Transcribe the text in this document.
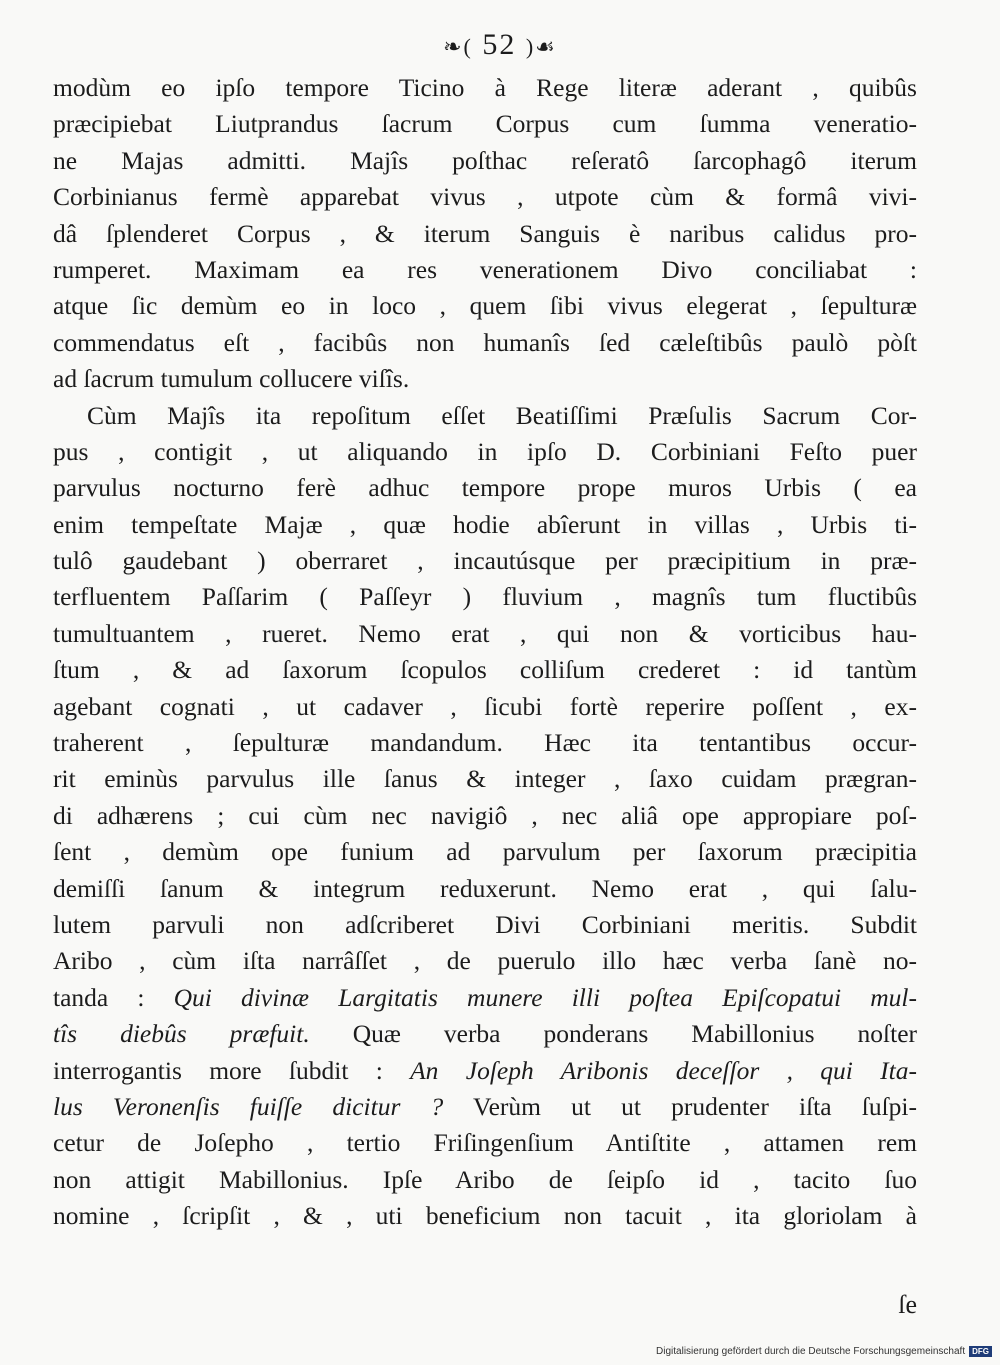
❧( 52 )☙
modùm eo ipſo tempore Ticino à Rege literæ aderant , quibûs
præcipiebat Liutprandus ſacrum Corpus cum ſumma veneratio-
ne Majas admitti. Majîs poſthac reſeratô ſarcophagô iterum
Corbinianus fermè apparebat vivus , utpote cùm & formâ vivi-
dâ ſplenderet Corpus , & iterum Sanguis è naribus calidus pro-
rumperet. Maximam ea res venerationem Divo conciliabat :
atque ſic demùm eo in loco , quem ſibi vivus elegerat , ſepulturæ
commendatus eſt , facibûs non humanîs ſed cæleſtibûs paulò pòſt
ad ſacrum tumulum collucere viſîs.
Cùm Majîs ita repoſitum eſſet Beatiſſimi Præſulis Sacrum Cor-
pus , contigit , ut aliquando in ipſo D. Corbiniani Feſto puer
parvulus nocturno ferè adhuc tempore prope muros Urbis ( ea
enim tempeſtate Majæ , quæ hodie abîerunt in villas , Urbis ti-
tulô gaudebant ) oberraret , incautúsque per præcipitium in præ-
terfluentem Paſſarim ( Paſſeyr ) fluvium , magnîs tum fluctibûs
tumultuantem , rueret. Nemo erat , qui non & vorticibus hau-
ſtum , & ad ſaxorum ſcopulos colliſum crederet : id tantùm
agebant cognati , ut cadaver , ſicubi fortè reperire poſſent , ex-
traherent , ſepulturæ mandandum. Hæc ita tentantibus occur-
rit eminùs parvulus ille ſanus & integer , ſaxo cuidam prægran-
di adhærens ; cui cùm nec navigiô , nec aliâ ope appropiare poſ-
ſent , demùm ope funium ad parvulum per ſaxorum præcipitia
demiſſi ſanum & integrum reduxerunt. Nemo erat , qui ſalu-
lutem parvuli non adſcriberet Divi Corbiniani meritis. Subdit
Aribo , cùm iſta narrâſſet , de puerulo illo hæc verba ſanè no-
tanda : Qui divinæ Largitatis munere illi poſtea Epiſcopatui mul-
tîs diebûs præfuit. Quæ verba ponderans Mabillonius noſter
interrogantis more ſubdit : An Joſeph Aribonis deceſſor , qui Ita-
lus Veronenſis fuiſſe dicitur ? Verùm ut ut prudenter iſta ſuſpi-
cetur de Joſepho , tertio Friſingenſium Antiſtite , attamen rem
non attigit Mabillonius. Ipſe Aribo de ſeipſo id , tacito ſuo
nomine , ſcripſit , & , uti beneficium non tacuit , ita gloriolam à
ſe
Digitalisierung gefördert durch die Deutsche Forschungsgemeinschaft DFG
